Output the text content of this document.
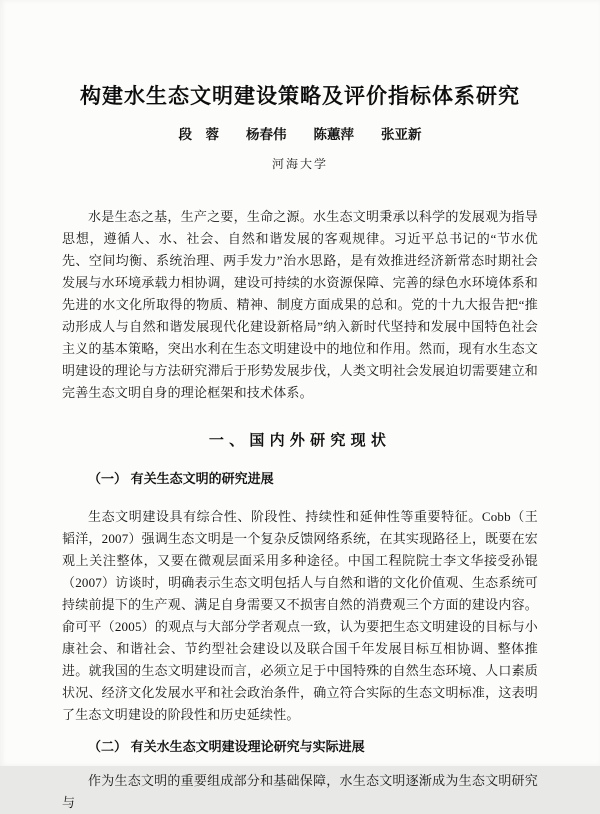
构建水生态文明建设策略及评价指标体系研究
段　蓉　　杨春伟　　陈蕙萍　　张亚新
河海大学

水是生态之基，生产之要，生命之源。水生态文明秉承以科学的发展观为指导思想，遵循人、水、社会、自然和谐发展的客观规律。习近平总书记的“节水优先、空间均衡、系统治理、两手发力”治水思路，是有效推进经济新常态时期社会发展与水环境承载力相协调，建设可持续的水资源保障、完善的绿色水环境体系和先进的水文化所取得的物质、精神、制度方面成果的总和。党的十九大报告把“推动形成人与自然和谐发展现代化建设新格局”纳入新时代坚持和发展中国特色社会主义的基本策略，突出水利在生态文明建设中的地位和作用。然而，现有水生态文明建设的理论与方法研究滞后于形势发展步伐，人类文明社会发展迫切需要建立和完善生态文明自身的理论框架和技术体系。

一、国内外研究现状
（一） 有关生态文明的研究进展

生态文明建设具有综合性、阶段性、持续性和延伸性等重要特征。Cobb（王韬洋，2007）强调生态文明是一个复杂反馈网络系统，在其实现路径上，既要在宏观上关注整体，又要在微观层面采用多种途径。中国工程院院士李文华接受孙锟（2007）访谈时，明确表示生态文明包括人与自然和谐的文化价值观、生态系统可持续前提下的生产观、满足自身需要又不损害自然的消费观三个方面的建设内容。俞可平（2005）的观点与大部分学者观点一致，认为要把生态文明建设的目标与小康社会、和谐社会、节约型社会建设以及联合国千年发展目标互相协调、整体推进。就我国的生态文明建设而言，必须立足于中国特殊的自然生态环境、人口素质状况、经济文化发展水平和社会政治条件，确立符合实际的生态文明标准，这表明了生态文明建设的阶段性和历史延续性。

（二） 有关水生态文明建设理论研究与实际进展

作为生态文明的重要组成部分和基础保障，水生态文明逐渐成为生态文明研究与
